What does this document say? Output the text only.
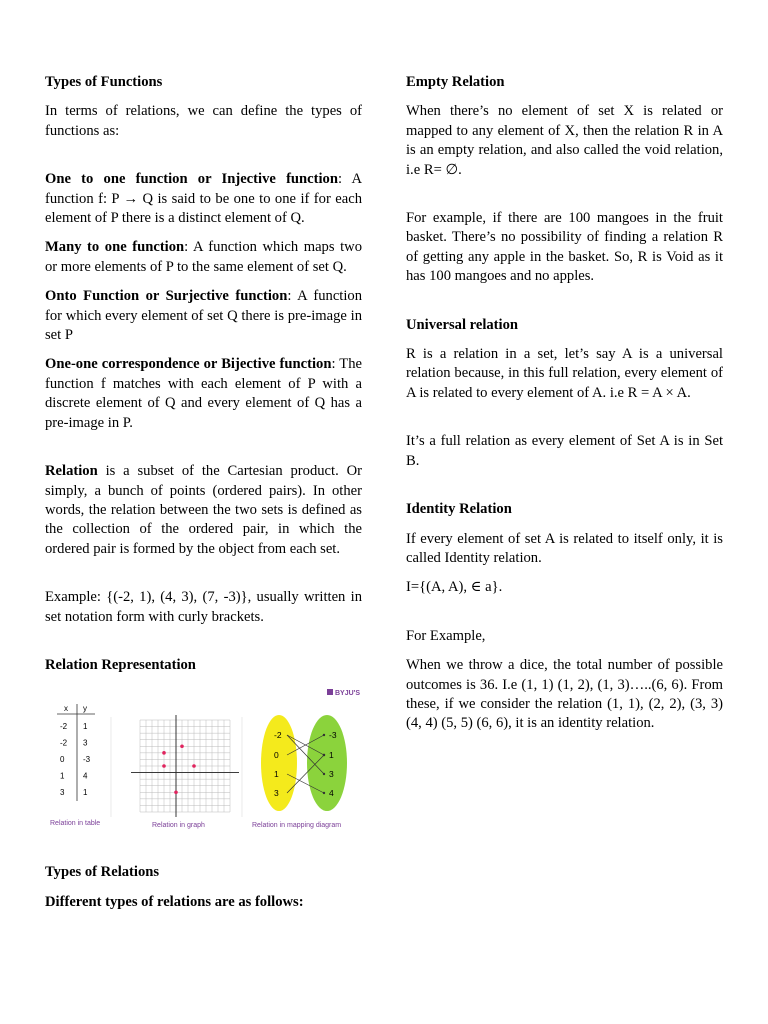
Types of Functions

In terms of relations, we can define the types of functions as:

One to one function or Injective function: A function f: P → Q is said to be one to one if for each element of P there is a distinct element of Q.

Many to one function: A function which maps two or more elements of P to the same element of set Q.

Onto Function or Surjective function: A function for which every element of set Q there is pre-image in set P

One-one correspondence or Bijective function: The function f matches with each element of P with a discrete element of Q and every element of Q has a pre-image in P.

Relation is a subset of the Cartesian product. Or simply, a bunch of points (ordered pairs). In other words, the relation between the two sets is defined as the collection of the ordered pair, in which the ordered pair is formed by the object from each set.

Example: {(-2, 1), (4, 3), (7, -3)}, usually written in set notation form with curly brackets.

Relation Representation

BYJU'S
x y
-2 1
-2 3
0 -3
1 4
3 1
Relation in table	Relation in graph
-2
0
1
3
-3
1
3
4
Relation in mapping diagram

Types of Relations

Different types of relations are as follows:

Empty Relation

When there’s no element of set X is related or mapped to any element of X, then the relation R in A is an empty relation, and also called the void relation, i.e R= ∅.

For example, if there are 100 mangoes in the fruit basket. There’s no possibility of finding a relation R of getting any apple in the basket. So, R is Void as it has 100 mangoes and no apples.

Universal relation

R is a relation in a set, let’s say A is a universal relation because, in this full relation, every element of A is related to every element of A. i.e R = A × A.

It’s a full relation as every element of Set A is in Set B.

Identity Relation

If every element of set A is related to itself only, it is called Identity relation.

I={(A, A), ∈ a}.

For Example,

When we throw a dice, the total number of possible outcomes is 36. I.e (1, 1) (1, 2), (1, 3)…..(6, 6). From these, if we consider the relation (1, 1), (2, 2), (3, 3) (4, 4) (5, 5) (6, 6), it is an identity relation.
